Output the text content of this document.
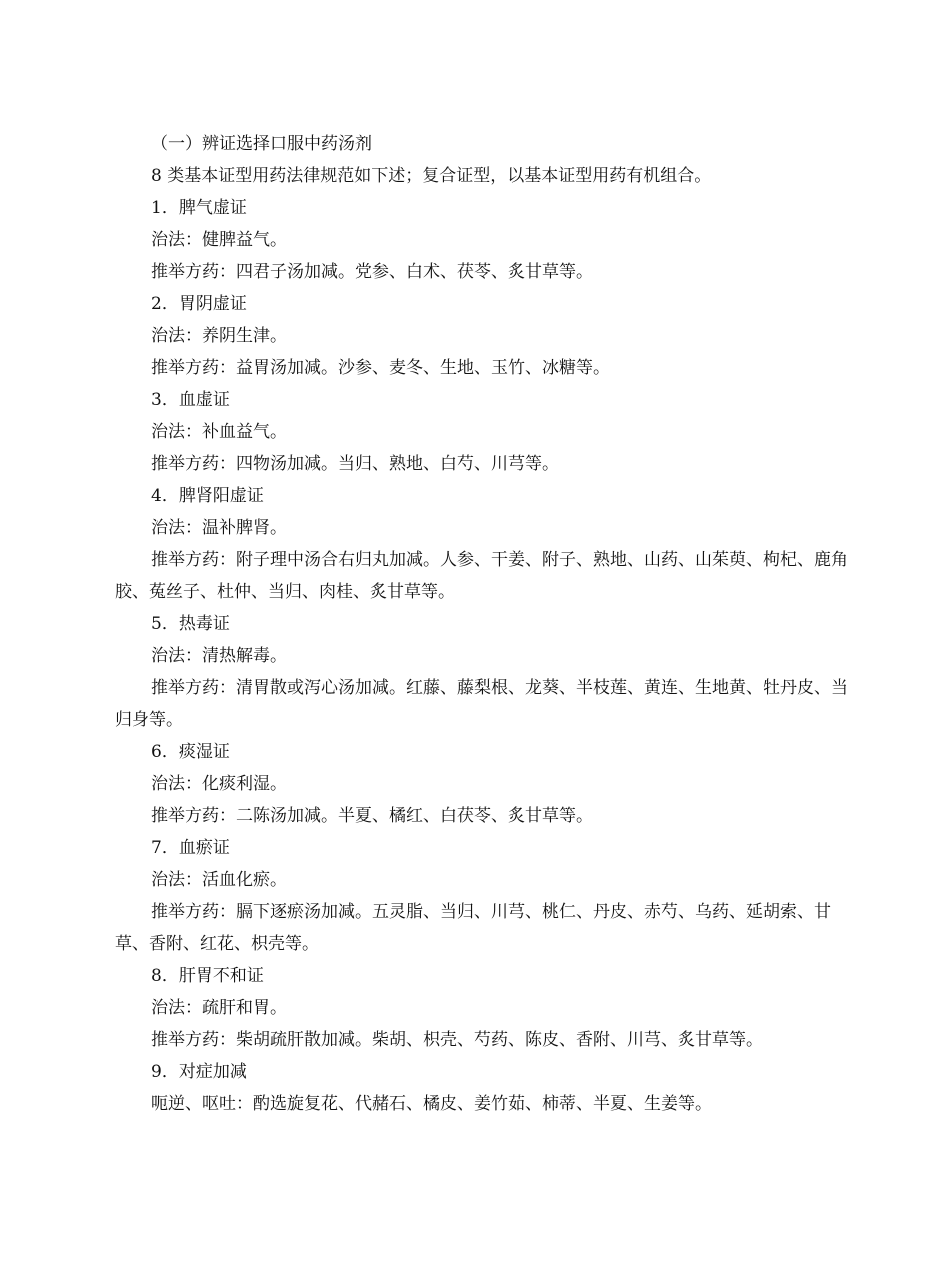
（一）辨证选择口服中药汤剂
8 类基本证型用药法律规范如下述；复合证型，以基本证型用药有机组合。
1．脾气虚证
治法：健脾益气。
推举方药：四君子汤加减。党参、白术、茯苓、炙甘草等。
2．胃阴虚证
治法：养阴生津。
推举方药：益胃汤加减。沙参、麦冬、生地、玉竹、冰糖等。
3．血虚证
治法：补血益气。
推举方药：四物汤加减。当归、熟地、白芍、川芎等。
4．脾肾阳虚证
治法：温补脾肾。
推举方药：附子理中汤合右归丸加减。人参、干姜、附子、熟地、山药、山茱萸、枸杞、鹿角胶、菟丝子、杜仲、当归、肉桂、炙甘草等。
5．热毒证
治法：清热解毒。
推举方药：清胃散或泻心汤加减。红藤、藤梨根、龙葵、半枝莲、黄连、生地黄、牡丹皮、当归身等。
6．痰湿证
治法：化痰利湿。
推举方药：二陈汤加减。半夏、橘红、白茯苓、炙甘草等。
7．血瘀证
治法：活血化瘀。
推举方药：膈下逐瘀汤加减。五灵脂、当归、川芎、桃仁、丹皮、赤芍、乌药、延胡索、甘草、香附、红花、枳壳等。
8．肝胃不和证
治法：疏肝和胃。
推举方药：柴胡疏肝散加减。柴胡、枳壳、芍药、陈皮、香附、川芎、炙甘草等。
9．对症加减
呃逆、呕吐：酌选旋复花、代赭石、橘皮、姜竹茹、柿蒂、半夏、生姜等。
